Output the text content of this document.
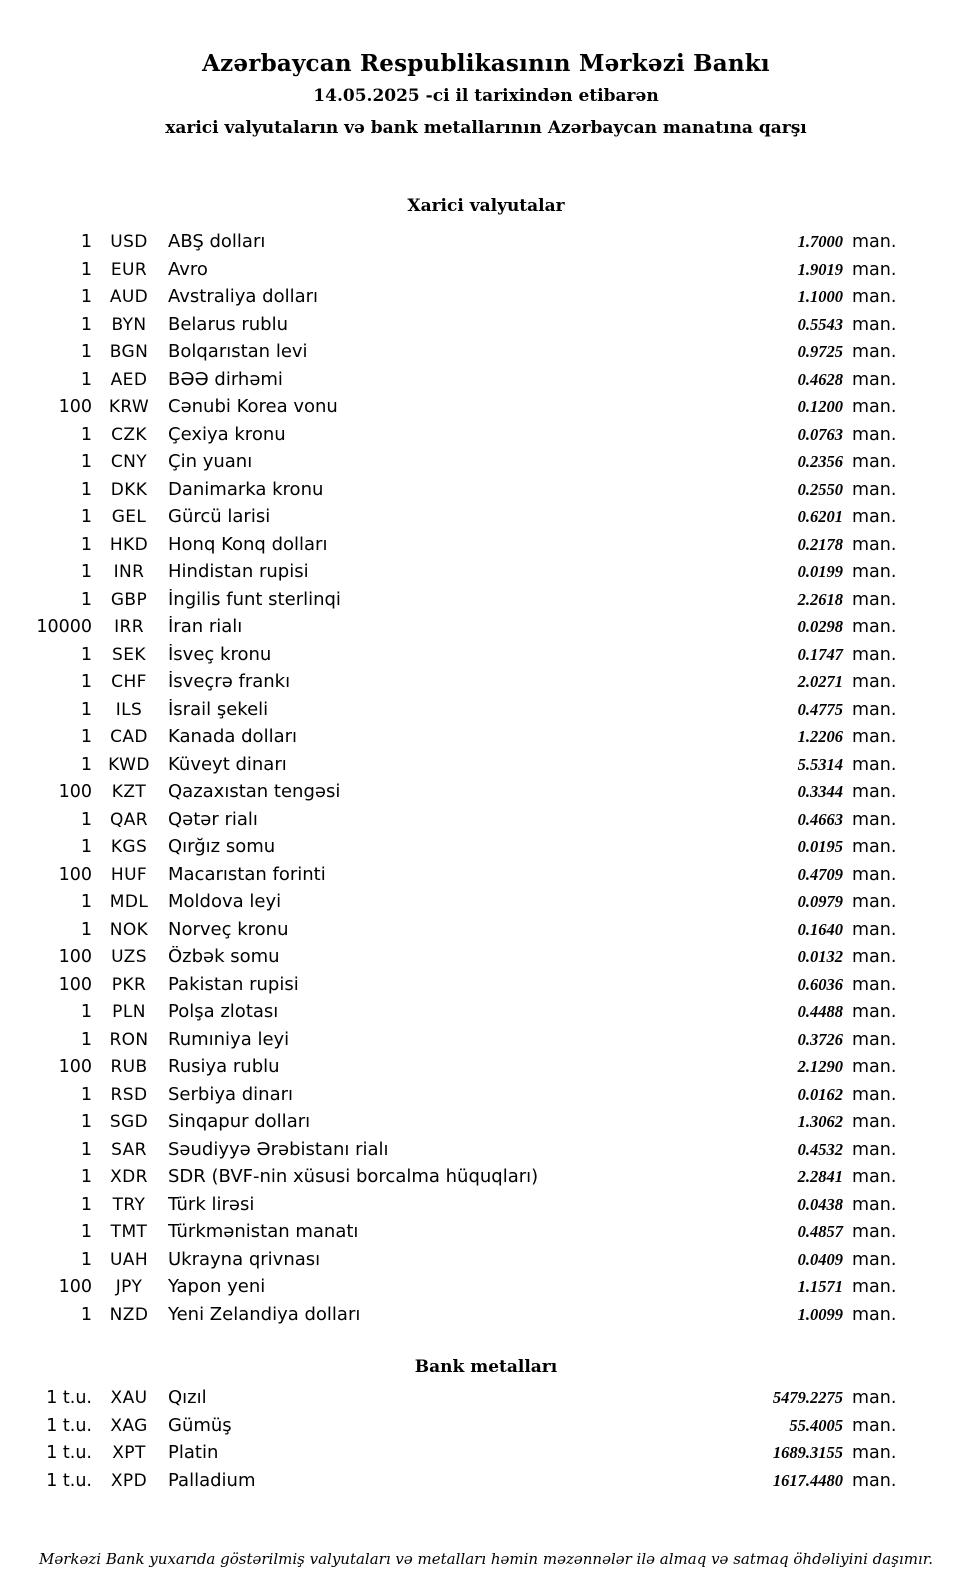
Azərbaycan Respublikasının Mərkəzi Bankı
14.05.2025 -ci il tarixindən etibarən
xarici valyutaların və bank metallarının Azərbaycan manatına qarşı
Xarici valyutalar
1	USD	ABŞ dolları	1.7000 man.
1	EUR	Avro	1.9019 man.
1	AUD	Avstraliya dolları	1.1000 man.
1	BYN	Belarus rublu	0.5543 man.
1	BGN	Bolqarıstan levi	0.9725 man.
1	AED	BƏƏ dirhəmi	0.4628 man.
100 KRW	Cənubi Korea vonu	0.1200 man.
1	CZK	Çexiya kronu	0.0763 man.
1	CNY	Çin yuanı	0.2356 man.
1	DKK	Danimarka kronu	0.2550 man.
1	GEL	Gürcü larisi	0.6201 man.
1	HKD	Honq Konq dolları	0.2178 man.
1	INR	Hindistan rupisi	0.0199 man.
1	GBP	İngilis funt sterlinqi	2.2618 man.
10000	IRR	İran rialı	0.0298 man.
1	SEK	İsveç kronu	0.1747 man.
1	CHF	İsveçrə frankı	2.0271 man.
1	ILS	İsrail şekeli	0.4775 man.
1	CAD	Kanada dolları	1.2206 man.
1 KWD	Küveyt dinarı	5.5314 man.
100	KZT	Qazaxıstan tengəsi	0.3344 man.
1	QAR	Qətər rialı	0.4663 man.
1	KGS	Qırğız somu	0.0195 man.
100	HUF	Macarıstan forinti	0.4709 man.
1	MDL	Moldova leyi	0.0979 man.
1	NOK	Norveç kronu	0.1640 man.
100	UZS	Özbək somu	0.0132 man.
100	PKR	Pakistan rupisi	0.6036 man.
1	PLN	Polşa zlotası	0.4488 man.
1	RON	Rumıniya leyi	0.3726 man.
100	RUB	Rusiya rublu	2.1290 man.
1	RSD	Serbiya dinarı	0.0162 man.
1	SGD	Sinqapur dolları	1.3062 man.
1	SAR	Səudiyyə Ərəbistanı rialı	0.4532 man.
1	XDR	SDR (BVF-nin xüsusi borcalma hüquqları)	2.2841 man.
1	TRY	Türk lirəsi	0.0438 man.
1	TMT	Türkmənistan manatı	0.4857 man.
1	UAH	Ukrayna qrivnası	0.0409 man.
100	JPY	Yapon yeni	1.1571 man.
1	NZD	Yeni Zelandiya dolları	1.0099 man.
Bank metalları
1 t.u.	XAU	Qızıl	5479.2275 man.
1 t.u.	XAG	Gümüş	55.4005 man.
1 t.u.	XPT	Platin	1689.3155 man.
1 t.u.	XPD	Palladium	1617.4480 man.
Mərkəzi Bank yuxarıda göstərilmiş valyutaları və metalları həmin məzənnələr ilə almaq və satmaq öhdəliyini daşımır.
